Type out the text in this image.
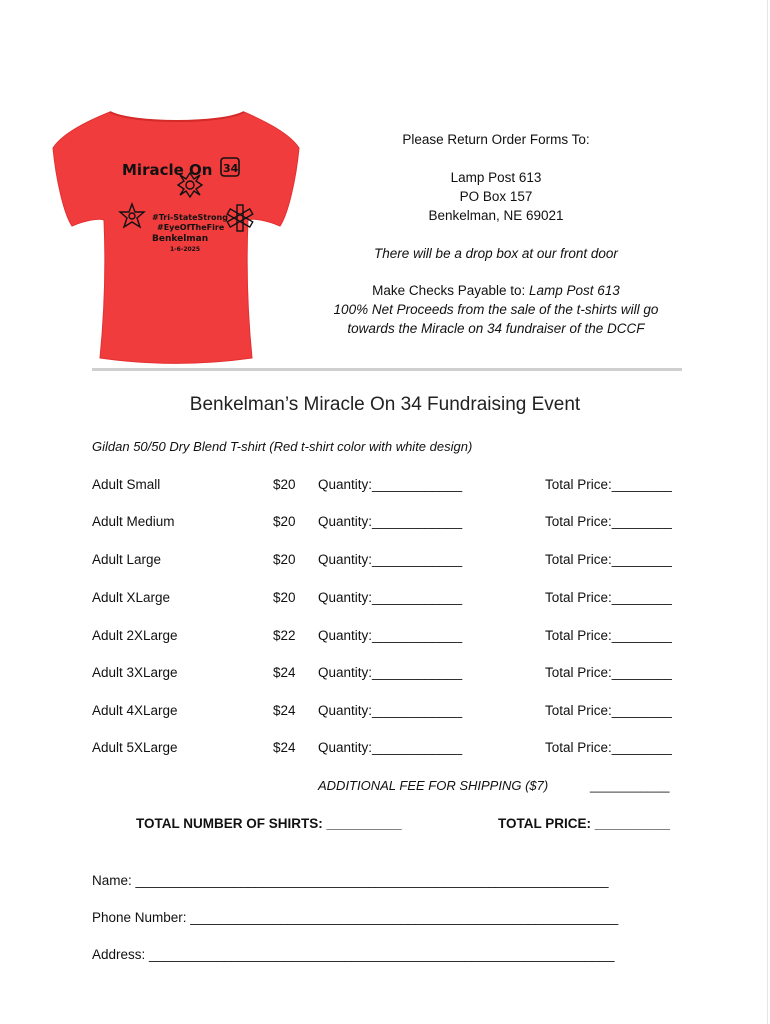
Miracle On 34
#Tri-StateStrong
#EyeOfTheFire
Benkelman
1-6-2025
Please Return Order Forms To:
Lamp Post 613
PO Box 157
Benkelman, NE 69021
There will be a drop box at our front door
Make Checks Payable to: Lamp Post 613
100% Net Proceeds from the sale of the t-shirts will go
towards the Miracle on 34 fundraiser of the DCCF
Benkelman’s Miracle On 34 Fundraising Event
Gildan 50/50 Dry Blend T-shirt (Red t-shirt color with white design)
Adult Small	$20 Quantity:____________	Total Price:________
Adult Medium	$20 Quantity:____________	Total Price:________
Adult Large	$20 Quantity:____________	Total Price:________
Adult XLarge	$20 Quantity:____________	Total Price:________
Adult 2XLarge	$22 Quantity:____________	Total Price:________
Adult 3XLarge	$24 Quantity:____________	Total Price:________
Adult 4XLarge	$24 Quantity:____________	Total Price:________
Adult 5XLarge	$24 Quantity:____________	Total Price:________
ADDITIONAL FEE FOR SHIPPING ($7)	___________
TOTAL NUMBER OF SHIRTS: __________	TOTAL PRICE: __________
Name: _______________________________________________________________
Phone Number: _________________________________________________________
Address: ______________________________________________________________
